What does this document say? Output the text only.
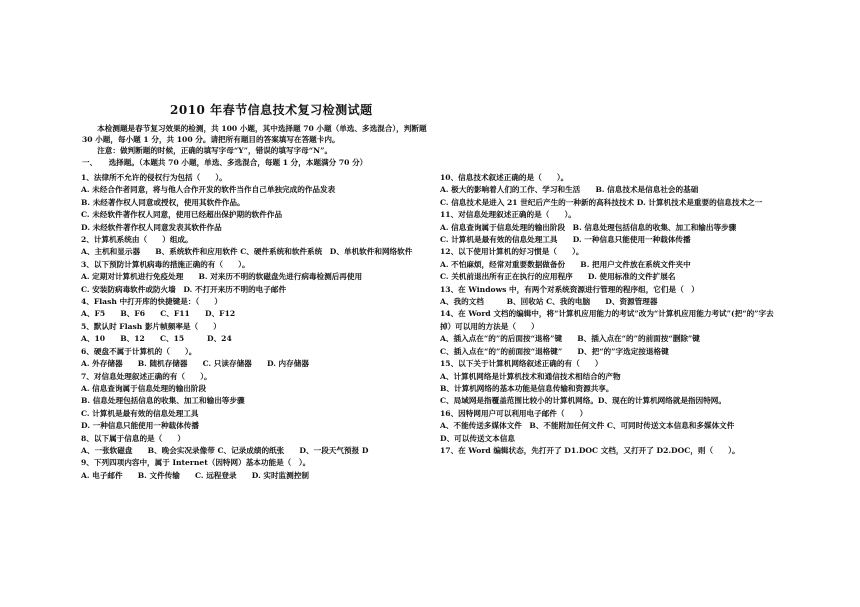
2010 年春节信息技术复习检测试题

本检测题是春节复习效果的检测，共 100 小题，其中选择题 70 小题（单选、多选混合），判断题 30 小题，每小题 1 分，共 100 分。请把所有题目的答案填写在答题卡内。

注意：做判断题的时候，正确的填写字母“Y”，错误的填写字母“N”。

一、　　选择题。（本题共 70 小题，单选、多选混合，每题 1 分，本题满分 70 分）

1、法律所不允许的侵权行为包括（　　）。
A. 未经合作者同意，将与他人合作开发的软件当作自己单独完成的作品发表
B. 未经著作权人同意或授权，使用其软件作品。
C. 未经软件著作权人同意，使用已经超出保护期的软件作品
D. 未经软件著作权人同意发表其软件作品
2、计算机系统由（　　）组成。
A、主机和显示器　　B、系统软件和应用软件 C、硬件系统和软件系统　D、单机软件和网络软件
3、以下预防计算机病毒的措施正确的有（　　）。
A. 定期对计算机进行免疫处理　　B. 对来历不明的软磁盘先进行病毒检测后再使用
C. 安装防病毒软件或防火墙　D. 不打开来历不明的电子邮件
4、Flash 中打开库的快捷键是：（　　）
A、F5　　B、F6　　C、F11　　D、F12
5、默认时 Flash 影片帧频率是（　　）
A、10　　B、12　　C、15　　　D、24
6、硬盘不属于计算机的（　　）。
A. 外存储器　　B. 随机存储器　　C. 只读存储器　　D. 内存储器
7、对信息处理叙述正确的有（　　）。
A. 信息查询属于信息处理的输出阶段
B. 信息处理包括信息的收集、加工和输出等步骤
C. 计算机是最有效的信息处理工具
D. 一种信息只能使用一种载体传播
8、以下属于信息的是（　　）
A、一张软磁盘　　B、晚会实况录像带 C、记录成绩的纸张　　D、一段天气预报 D
9、下列四项内容中，属于 Internet（因特网）基本功能是（　）。
A. 电子邮件　　B. 文件传输　　C. 远程登录　　D. 实时监测控制
10、信息技术叙述正确的是（　　）。
A. 极大的影响着人们的工作、学习和生活　　B. 信息技术是信息社会的基础
C. 信息技术是进入 21 世纪后产生的一种新的高科技技术 D. 计算机技术是重要的信息技术之一
11、对信息处理叙述正确的是（　　）。
A. 信息查询属于信息处理的输出阶段　B. 信息处理包括信息的收集、加工和输出等步骤
C. 计算机是最有效的信息处理工具　　D. 一种信息只能使用一种载体传播
12、以下使用计算机的好习惯是（　　）。
A. 不怕麻烦，经常对重要数据做备份　　B. 把用户文件放在系统文件夹中
C. 关机前退出所有正在执行的应用程序　　D. 使用标准的文件扩展名
13、在 Windows 中，有两个对系统资源进行管理的程序组，它们是（　）
A、我的文档　　　B、回收站 C、我的电脑　　D、资源管理器
14、在 Word 文档的编辑中，将“计算机应用能力的考试”改为“计算机应用能力考试”(把“的”字去掉）可以用的方法是（　　）
A、插入点在“的”的后面按“退格”键　　B、插入点在“的”的前面按“删除”键
C、插入点在“的”的前面按“退格键”　　D、把“的”字选定按退格键
15、以下关于计算机网络叙述正确的有（　　）
A、计算机网络是计算机技术和通信技术相结合的产物
B、计算机网络的基本功能是信息传输和资源共享。
C、局域网是指覆盖范围比较小的计算机网络。D、现在的计算机网络就是指因特网。
16、因特网用户可以利用电子邮件（　　）
A、不能传送多媒体文件　B、不能附加任何文件 C、可同时传送文本信息和多媒体文件
D、可以传送文本信息
17、在 Word 编辑状态，先打开了 D1.DOC 文档，又打开了 D2.DOC，则（　　）。
